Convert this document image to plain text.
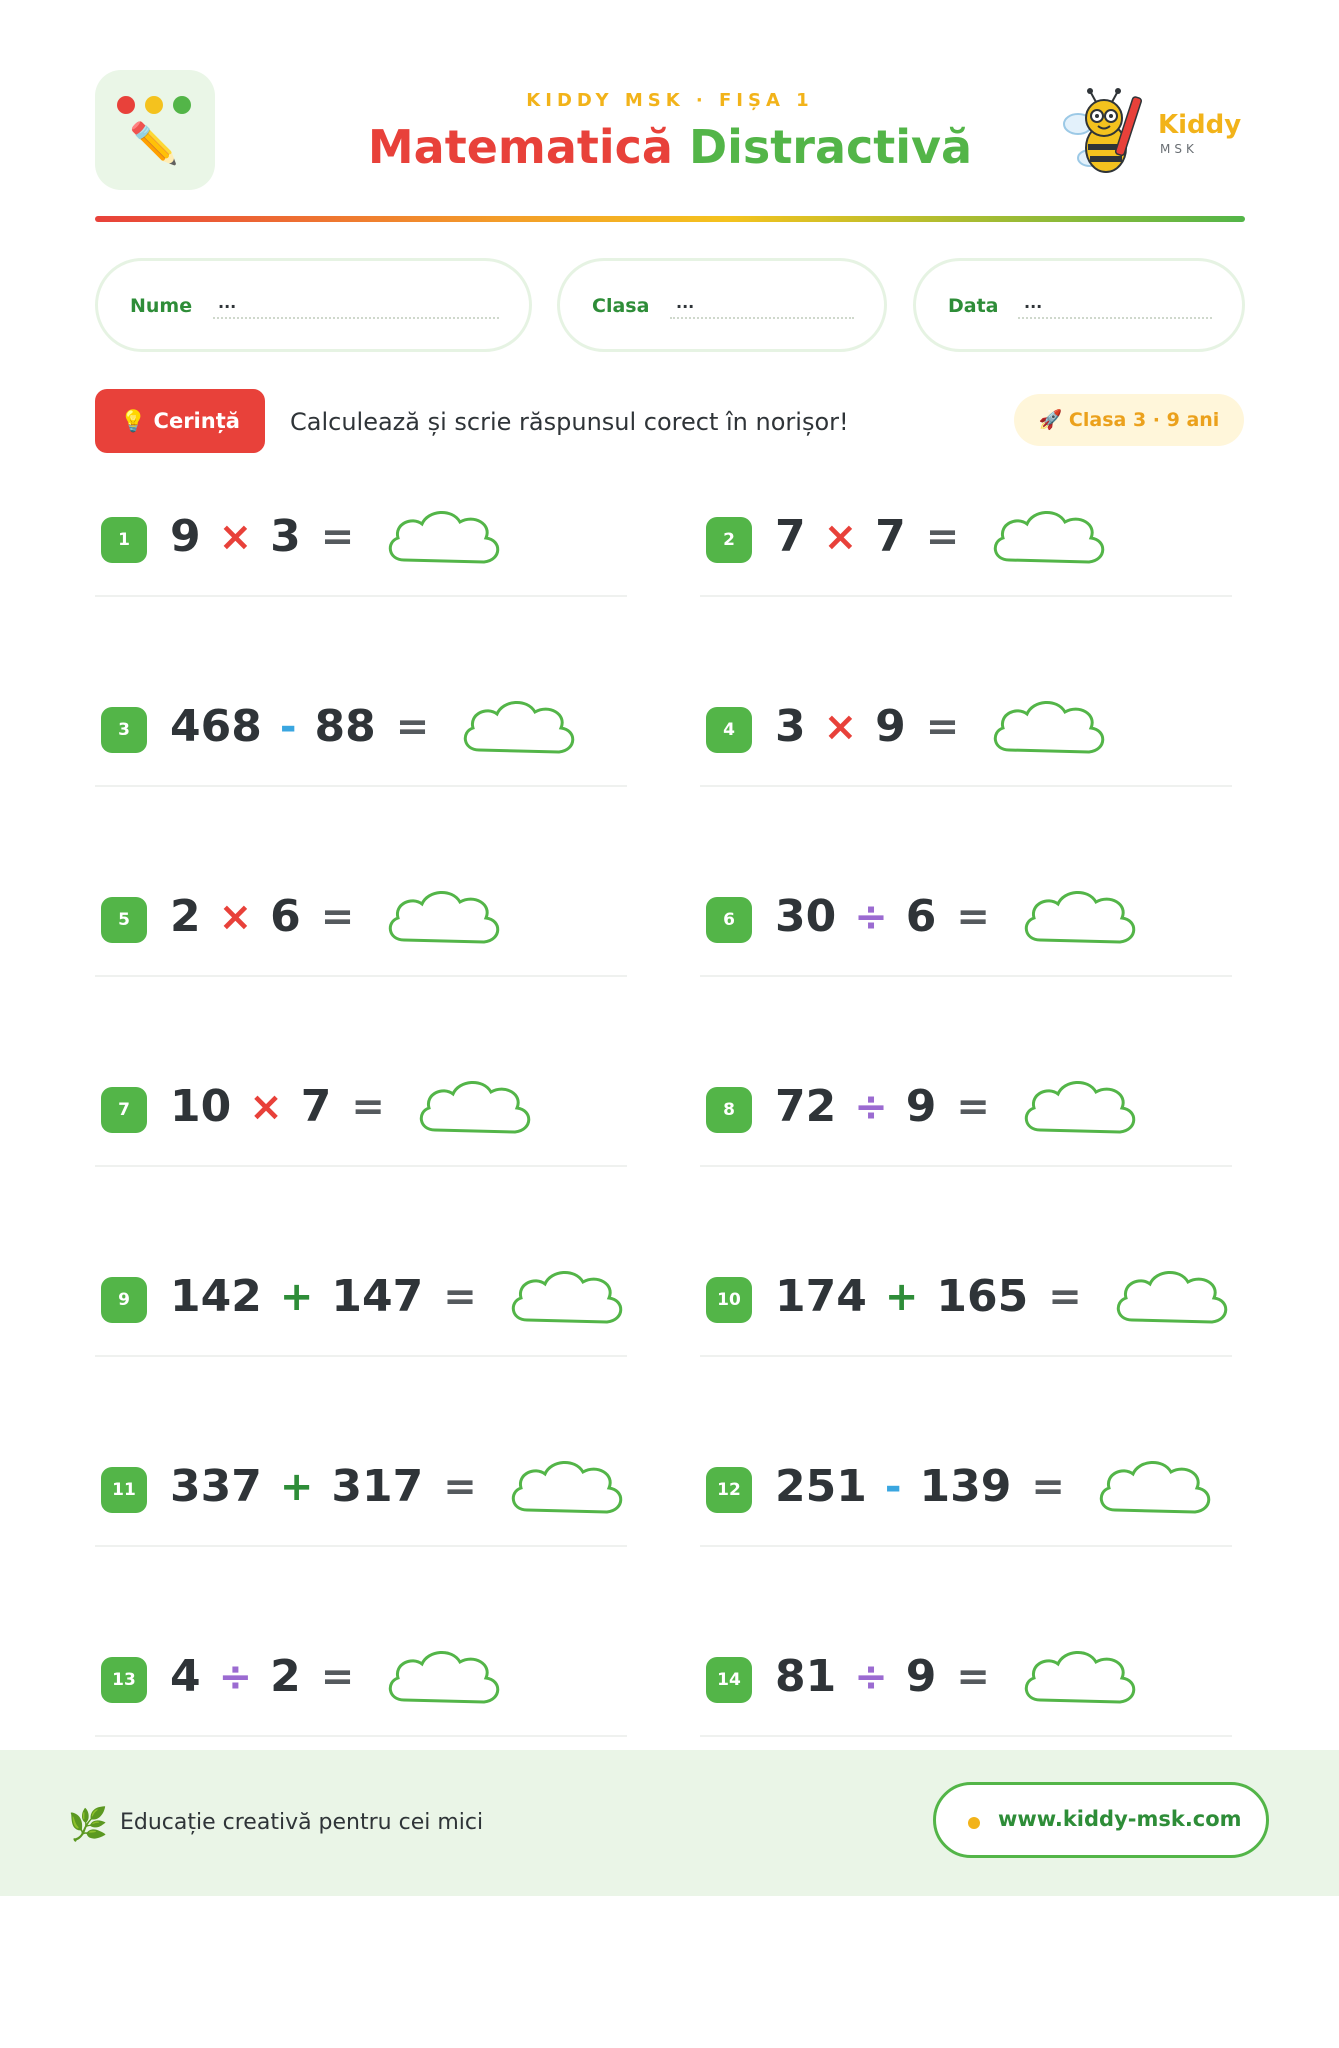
✏️
KIDDY MSK · FIȘA 1
Matematică Distractivă	Kiddy
MSK
Nume ...	Clasa ...	Data ...
💡 Cerință	Calculează și scrie răspunsul corect în norișor!	🚀 Clasa 3 · 9 ani
1 9 × 3 =	2 7 × 7 =
3 468 - 88 =	4 3 × 9 =
5 2 × 6 =	6 30 ÷ 6 =
7 10 × 7 =	8 72 ÷ 9 =
9 142 + 147 =	10 174 + 165 =
11 337 + 317 =	12 251 - 139 =
13 4 ÷ 2 =	14 81 ÷ 9 =
🌿 Educație creativă pentru cei mici	www.kiddy-msk.com
